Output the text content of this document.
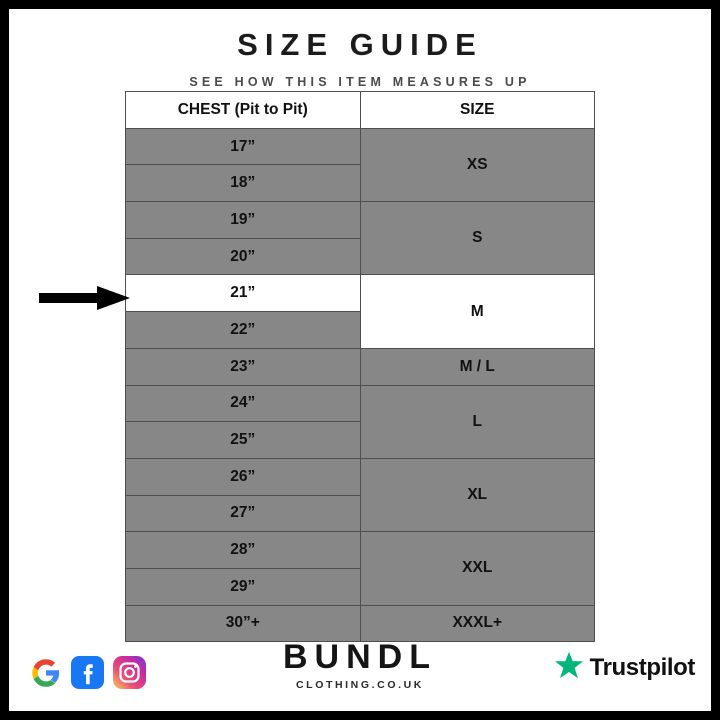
SIZE GUIDE
SEE HOW THIS ITEM MEASURES UP
CHEST (Pit to Pit)	SIZE
17”	XS
18”	
19”	S
20”	
21”	M
22”	
23”	M / L
24”	L
25”	
26”	XL
27”	
28”	XXL
29”	
30”+	XXXL+
BUNDL
CLOTHING.CO.UK
Trustpilot
